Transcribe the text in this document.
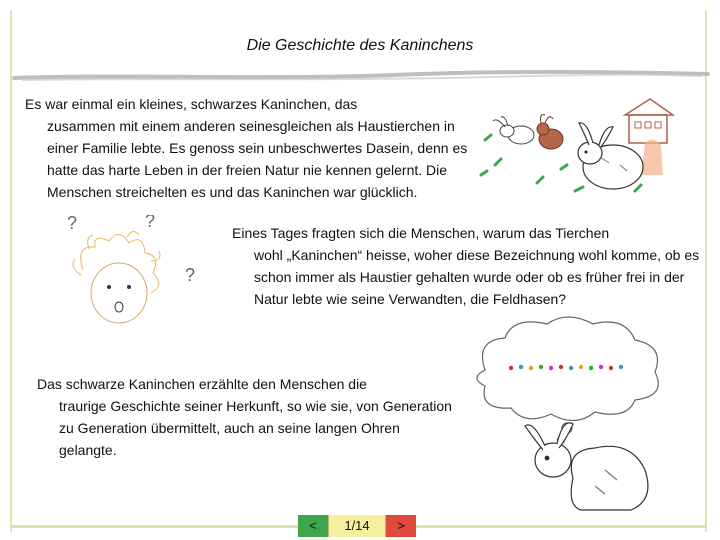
Die Geschichte des Kaninchens

Es war einmal ein kleines, schwarzes Kaninchen, das
zusammen mit einem anderen seinesgleichen als Haustierchen in einer Familie lebte. Es genoss sein unbeschwertes Dasein, denn es hatte das harte Leben in der freien Natur nie kennen gelernt. Die Menschen streichelten es und das Kaninchen war glücklich.

?	?
?

Eines Tages fragten sich die Menschen, warum das Tierchen
wohl „Kaninchen“ heisse, woher diese Bezeichnung wohl komme, ob es schon immer als Haustier gehalten wurde oder ob es früher frei in der Natur lebte wie seine Verwandten, die Feldhasen?

Das schwarze Kaninchen erzählte den Menschen die
traurige Geschichte seiner Herkunft, so wie sie, von Generation zu Generation übermittelt, auch an seine langen Ohren gelangte.

<	1/14	>
